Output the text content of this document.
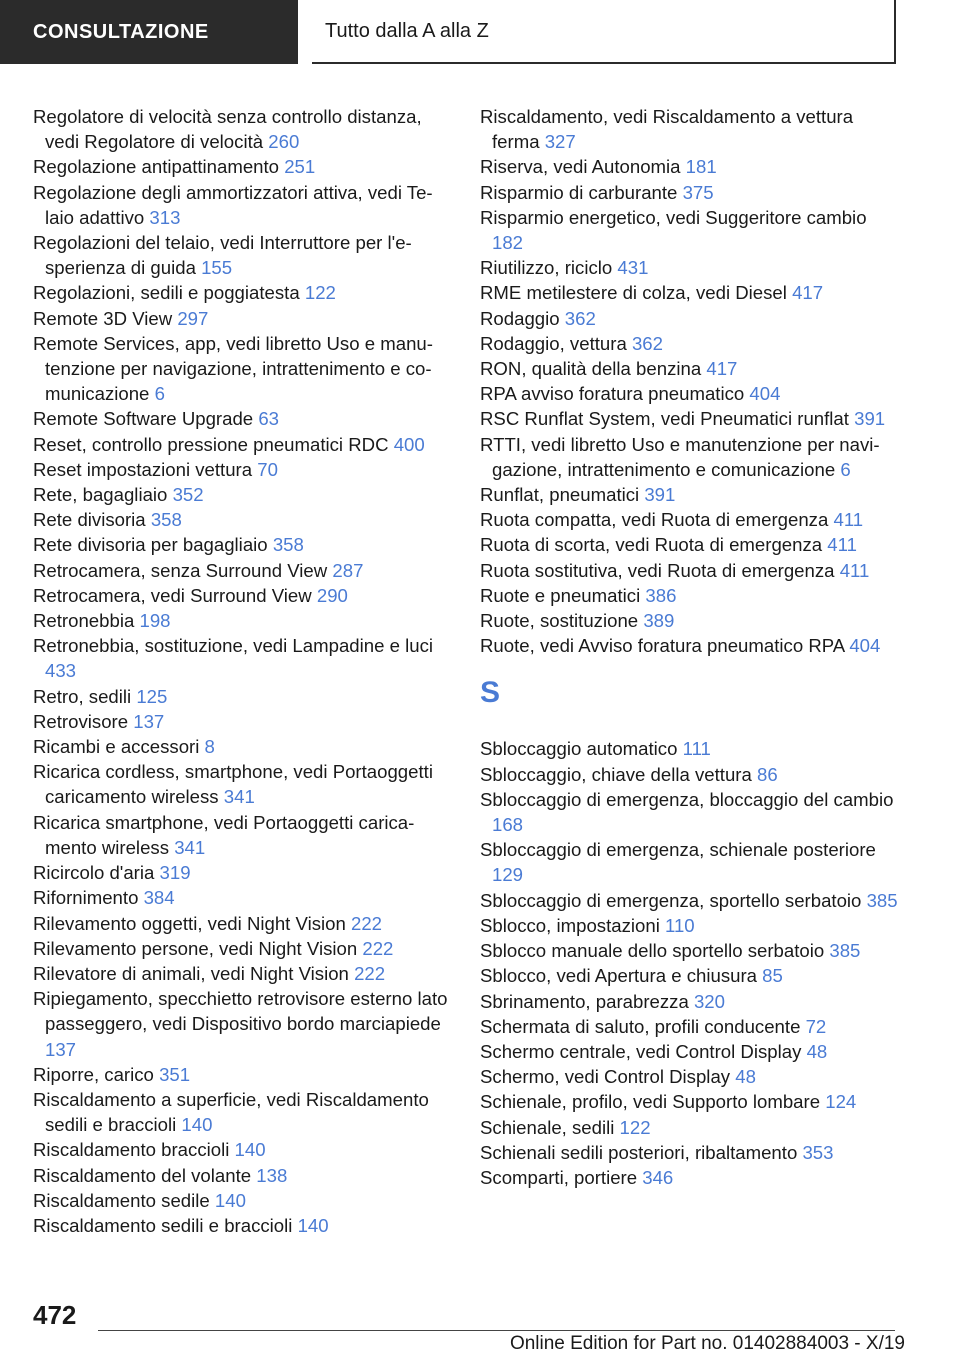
CONSULTAZIONE	Tutto dalla A alla Z

Regolatore di velocità senza controllo distanza, vedi Regolatore di velocità 260

Regolazione antipattinamento 251

Regolazione degli ammortizzatori attiva, vedi Telaio adattivo 313

Regolazioni del telaio, vedi Interruttore per l'esperienza di guida 155

Regolazioni, sedili e poggiatesta 122

Remote 3D View 297

Remote Services, app, vedi libretto Uso e manutenzione per navigazione, intrattenimento e comunicazione 6

Remote Software Upgrade 63

Reset, controllo pressione pneumatici RDC 400

Reset impostazioni vettura 70

Rete, bagagliaio 352

Rete divisoria 358

Rete divisoria per bagagliaio 358

Retrocamera, senza Surround View 287

Retrocamera, vedi Surround View 290

Retronebbia 198

Retronebbia, sostituzione, vedi Lampadine e luci 433

Retro, sedili 125

Retrovisore 137

Ricambi e accessori 8

Ricarica cordless, smartphone, vedi Portaoggetti caricamento wireless 341

Ricarica smartphone, vedi Portaoggetti caricamento wireless 341

Ricircolo d'aria 319

Rifornimento 384

Rilevamento oggetti, vedi Night Vision 222

Rilevamento persone, vedi Night Vision 222

Rilevatore di animali, vedi Night Vision 222

Ripiegamento, specchietto retrovisore esterno lato passeggero, vedi Dispositivo bordo marciapiede 137

Riporre, carico 351

Riscaldamento a superficie, vedi Riscaldamento sedili e braccioli 140

Riscaldamento braccioli 140

Riscaldamento del volante 138

Riscaldamento sedile 140

Riscaldamento sedili e braccioli 140

Riscaldamento, vedi Riscaldamento a vettura ferma 327

Riserva, vedi Autonomia 181

Risparmio di carburante 375

Risparmio energetico, vedi Suggeritore cambio 182

Riutilizzo, riciclo 431

RME metilestere di colza, vedi Diesel 417

Rodaggio 362

Rodaggio, vettura 362

RON, qualità della benzina 417

RPA avviso foratura pneumatico 404

RSC Runflat System, vedi Pneumatici runflat 391

RTTI, vedi libretto Uso e manutenzione per navigazione, intrattenimento e comunicazione 6

Runflat, pneumatici 391

Ruota compatta, vedi Ruota di emergenza 411

Ruota di scorta, vedi Ruota di emergenza 411

Ruota sostitutiva, vedi Ruota di emergenza 411

Ruote e pneumatici 386

Ruote, sostituzione 389

Ruote, vedi Avviso foratura pneumatico RPA 404

S

Sbloccaggio automatico 111

Sbloccaggio, chiave della vettura 86

Sbloccaggio di emergenza, bloccaggio del cambio 168

Sbloccaggio di emergenza, schienale posteriore 129

Sbloccaggio di emergenza, sportello serbatoio 385

Sblocco, impostazioni 110

Sblocco manuale dello sportello serbatoio 385

Sblocco, vedi Apertura e chiusura 85

Sbrinamento, parabrezza 320

Schermata di saluto, profili conducente 72

Schermo centrale, vedi Control Display 48

Schermo, vedi Control Display 48

Schienale, profilo, vedi Supporto lombare 124

Schienale, sedili 122

Schienali sedili posteriori, ribaltamento 353

Scomparti, portiere 346

472
Online Edition for Part no. 01402884003 - X/19
